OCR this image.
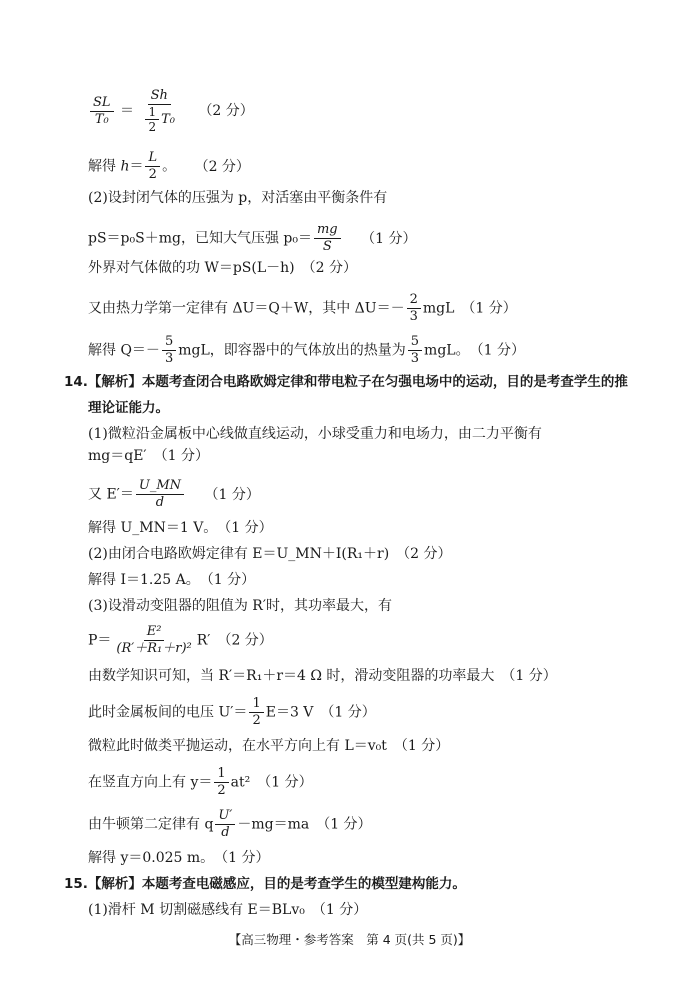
$\frac{SL}{\text{T₀}} = \frac{Sh}{\frac{1}{2} T_0} (2$ 分）
解得 $h= \frac{L}{2}$ 。 （2 分）
(2)设封闭气体的压强为 p，对活塞由平衡条件有
pS＝p₀S＋mg，已知大气压强 $p_0= \frac{mg}{S} (1$ 分）
外界对气体做的功 W＝pS(L－h)　（2 分）
又由热力学第一定律有 ΔU＝Q＋W，其中 $\Delta U=- \frac{2}{3}$ mgL　（1 分）
解得 $Q=- \frac{5}{3}$ mgL，即容器中的气体放出的热量为 $\frac{5}{3}$ mgL。　（1 分）
14.【解析】本题考查闭合电路欧姆定律和带电粒子在匀强电场中的运动，目的是考查学生的推
理论证能力。
(1)微粒沿金属板中心线做直线运动，小球受重力和电场力，由二力平衡有
mg＝qE′　（1 分）
又 $E'= \frac{U\_MN}{d} (1$ 分）
解得 U_MN＝1 V。　（1 分）
(2)由闭合电路欧姆定律有 E＝U_MN＋I(R₁＋r)　（2 分）
解得 I＝1.25 A。　（1 分）
(3)设滑动变阻器的阻值为 R′时，其功率最大，有
$P= \frac{\text{E²}}{\text{(R′＋R₁＋r)²}} R'$　（2 分）
由数学知识可知，当 R′＝R₁＋r＝4 Ω 时，滑动变阻器的功率最大　（1 分）
此时金属板间的电压 $U'= \frac{1}{2} E=3$ V　（1 分）
微粒此时做类平抛运动，在水平方向上有 L＝v₀t　（1 分）
在竖直方向上有 $y= \frac{1}{2} at^2$　（1 分）
由牛顿第二定律有 q $\frac{U'}{d} -mg=ma$　（1 分）
解得 y＝0.025 m。　（1 分）
15.【解析】本题考查电磁感应，目的是考查学生的模型建构能力。
(1)滑杆 M 切割磁感线有 E＝BLv₀　（1 分）
【高三物理・参考答案　第 4 页(共 5 页)】
